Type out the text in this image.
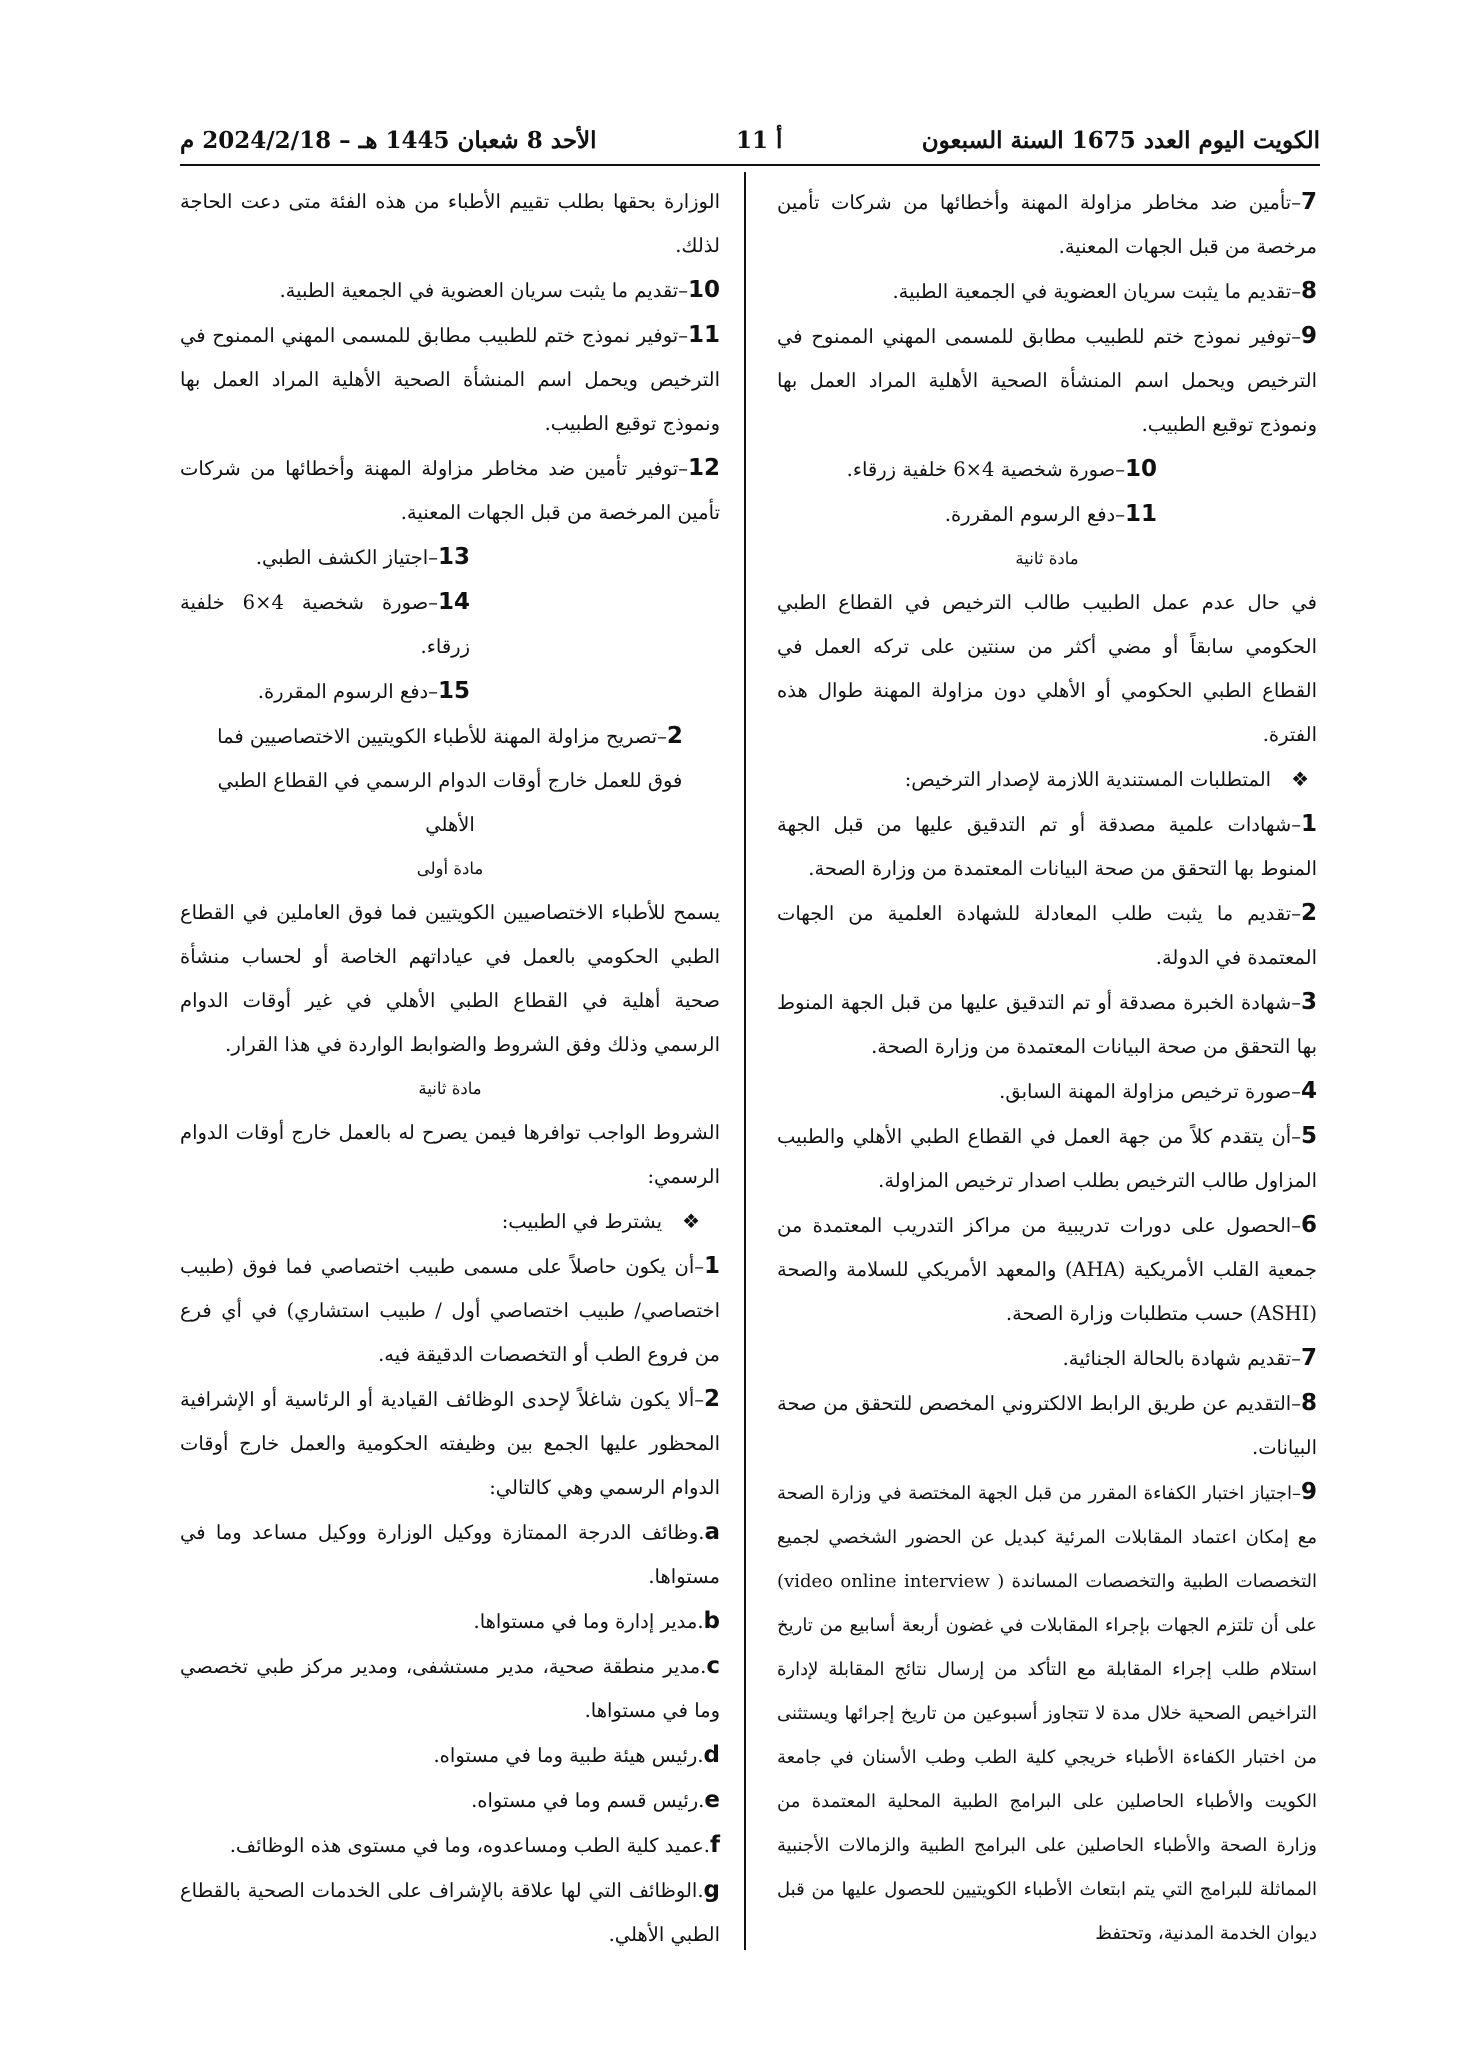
الكويت اليوم العدد 1675 السنة السبعون
أ 11
الأحد 8 شعبان 1445 هـ – 2024/2/18 م

7–تأمين ضد مخاطر مزاولة المهنة وأخطائها من شركات تأمين مرخصة من قبل الجهات المعنية.

8–تقديم ما يثبت سريان العضوية في الجمعية الطبية.

9–توفير نموذج ختم للطبيب مطابق للمسمى المهني الممنوح في الترخيص ويحمل اسم المنشأة الصحية الأهلية المراد العمل بها ونموذج توقيع الطبيب.

10–صورة شخصية 4×6 خلفية زرقاء.

11–دفع الرسوم المقررة.

مادة ثانية

في حال عدم عمل الطبيب طالب الترخيص في القطاع الطبي الحكومي سابقاً أو مضي أكثر من سنتين على تركه العمل في القطاع الطبي الحكومي أو الأهلي دون مزاولة المهنة طوال هذه الفترة.

❖المتطلبات المستندية اللازمة لإصدار الترخيص:

1–شهادات علمية مصدقة أو تم التدقيق عليها من قبل الجهة المنوط بها التحقق من صحة البيانات المعتمدة من وزارة الصحة.

2–تقديم ما يثبت طلب المعادلة للشهادة العلمية من الجهات المعتمدة في الدولة.

3–شهادة الخبرة مصدقة أو تم التدقيق عليها من قبل الجهة المنوط بها التحقق من صحة البيانات المعتمدة من وزارة الصحة.

4–صورة ترخيص مزاولة المهنة السابق.

5–أن يتقدم كلاً من جهة العمل في القطاع الطبي الأهلي والطبيب المزاول طالب الترخيص بطلب اصدار ترخيص المزاولة.

6–الحصول على دورات تدريبية من مراكز التدريب المعتمدة من جمعية القلب الأمريكية (AHA) والمعهد الأمريكي للسلامة والصحة (ASHI) حسب متطلبات وزارة الصحة.

7–تقديم شهادة بالحالة الجنائية.

8–التقديم عن طريق الرابط الالكتروني المخصص للتحقق من صحة البيانات.

9–اجتياز اختبار الكفاءة المقرر من قبل الجهة المختصة في وزارة الصحة مع إمكان اعتماد المقابلات المرئية كبديل عن الحضور الشخصي لجميع التخصصات الطبية والتخصصات المساندة ( video online interview) على أن تلتزم الجهات بإجراء المقابلات في غضون أربعة أسابيع من تاريخ استلام طلب إجراء المقابلة مع التأكد من إرسال نتائج المقابلة لإدارة التراخيص الصحية خلال مدة لا تتجاوز أسبوعين من تاريخ إجرائها ويستثنى من اختبار الكفاءة الأطباء خريجي كلية الطب وطب الأسنان في جامعة الكويت والأطباء الحاصلين على البرامج الطبية المحلية المعتمدة من وزارة الصحة والأطباء الحاصلين على البرامج الطبية والزمالات الأجنبية المماثلة للبرامج التي يتم ابتعاث الأطباء الكويتيين للحصول عليها من قبل ديوان الخدمة المدنية، وتحتفظ

الوزارة بحقها بطلب تقييم الأطباء من هذه الفئة متى دعت الحاجة لذلك.

10–تقديم ما يثبت سريان العضوية في الجمعية الطبية.

11–توفير نموذج ختم للطبيب مطابق للمسمى المهني الممنوح في الترخيص ويحمل اسم المنشأة الصحية الأهلية المراد العمل بها ونموذج توقيع الطبيب.

12–توفير تأمين ضد مخاطر مزاولة المهنة وأخطائها من شركات تأمين المرخصة من قبل الجهات المعنية.

13–اجتياز الكشف الطبي.

14–صورة شخصية 4×6 خلفية زرقاء.

15–دفع الرسوم المقررة.

2–تصريح مزاولة المهنة للأطباء الكويتيين الاختصاصيين فما فوق للعمل خارج أوقات الدوام الرسمي في القطاع الطبي الأهلي

مادة أولى

يسمح للأطباء الاختصاصيين الكويتيين فما فوق العاملين في القطاع الطبي الحكومي بالعمل في عياداتهم الخاصة أو لحساب منشأة صحية أهلية في القطاع الطبي الأهلي في غير أوقات الدوام الرسمي وذلك وفق الشروط والضوابط الواردة في هذا القرار.

مادة ثانية

الشروط الواجب توافرها فيمن يصرح له بالعمل خارج أوقات الدوام الرسمي:

❖يشترط في الطبيب:

1–أن يكون حاصلاً على مسمى طبيب اختصاصي فما فوق (طبيب اختصاصي/ طبيب اختصاصي أول / طبيب استشاري) في أي فرع من فروع الطب أو التخصصات الدقيقة فيه.

2–ألا يكون شاغلاً لإحدى الوظائف القيادية أو الرئاسية أو الإشرافية المحظور عليها الجمع بين وظيفته الحكومية والعمل خارج أوقات الدوام الرسمي وهي كالتالي:

a.وظائف الدرجة الممتازة ووكيل الوزارة ووكيل مساعد وما في مستواها.

b.مدير إدارة وما في مستواها.

c.مدير منطقة صحية، مدير مستشفى، ومدير مركز طبي تخصصي وما في مستواها.

d.رئيس هيئة طبية وما في مستواه.

e.رئيس قسم وما في مستواه.

f.عميد كلية الطب ومساعدوه، وما في مستوى هذه الوظائف.

g.الوظائف التي لها علاقة بالإشراف على الخدمات الصحية بالقطاع الطبي الأهلي.
